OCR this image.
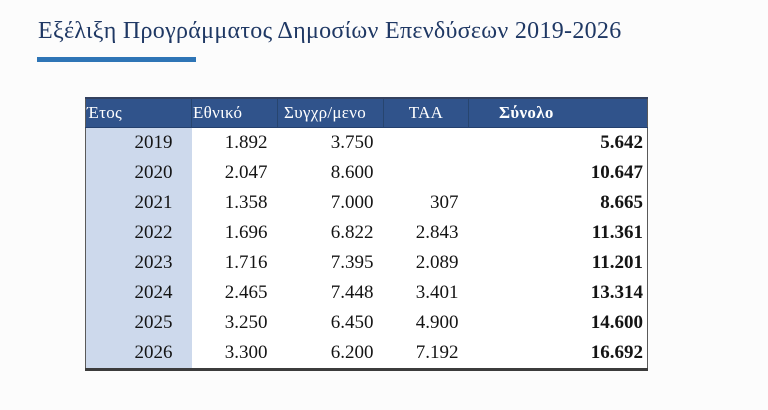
Εξέλιξη Προγράμματος Δημοσίων Επενδύσεων 2019-2026
Έτος	Εθνικό	Συγχρ/μενο	ΤΑΑ	Σύνολο
2019	1.892	3.750		5.642
2020	2.047	8.600		10.647
2021	1.358	7.000	307	8.665
2022	1.696	6.822	2.843	11.361
2023	1.716	7.395	2.089	11.201
2024	2.465	7.448	3.401	13.314
2025	3.250	6.450	4.900	14.600
2026	3.300	6.200	7.192	16.692
